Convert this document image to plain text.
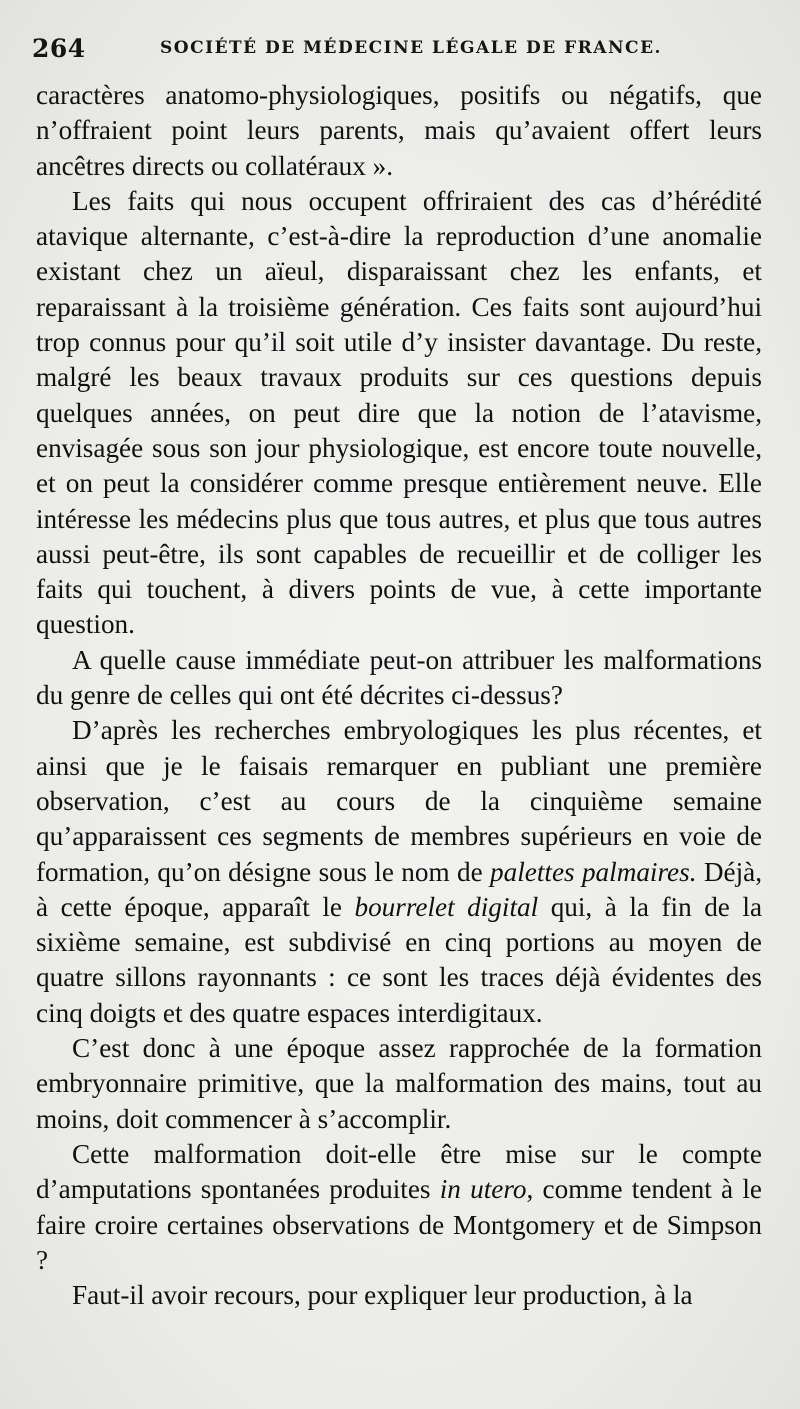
264	SOCIÉTÉ DE MÉDECINE LÉGALE DE FRANCE.

caractères anatomo-physiologiques, positifs ou négatifs, que n’offraient point leurs parents, mais qu’avaient offert leurs ancêtres directs ou collatéraux ».

Les faits qui nous occupent offriraient des cas d’hérédité atavique alternante, c’est-à-dire la reproduction d’une anomalie existant chez un aïeul, disparaissant chez les enfants, et reparaissant à la troisième génération. Ces faits sont aujourd’hui trop connus pour qu’il soit utile d’y insister davantage. Du reste, malgré les beaux travaux produits sur ces questions depuis quelques années, on peut dire que la notion de l’atavisme, envisagée sous son jour physiologique, est encore toute nouvelle, et on peut la considérer comme presque entièrement neuve. Elle intéresse les médecins plus que tous autres, et plus que tous autres aussi peut-être, ils sont capables de recueillir et de colliger les faits qui touchent, à divers points de vue, à cette importante question.

A quelle cause immédiate peut-on attribuer les malformations du genre de celles qui ont été décrites ci-dessus?

D’après les recherches embryologiques les plus récentes, et ainsi que je le faisais remarquer en publiant une première observation, c’est au cours de la cinquième semaine qu’apparaissent ces segments de membres supérieurs en voie de formation, qu’on désigne sous le nom de palettes palmaires. Déjà, à cette époque, apparaît le bourrelet digital qui, à la fin de la sixième semaine, est subdivisé en cinq portions au moyen de quatre sillons rayonnants : ce sont les traces déjà évidentes des cinq doigts et des quatre espaces interdigitaux.

C’est donc à une époque assez rapprochée de la formation embryonnaire primitive, que la malformation des mains, tout au moins, doit commencer à s’accomplir.

Cette malformation doit-elle être mise sur le compte d’amputations spontanées produites in utero, comme tendent à le faire croire certaines observations de Montgomery et de Simpson ?

Faut-il avoir recours, pour expliquer leur production, à la
